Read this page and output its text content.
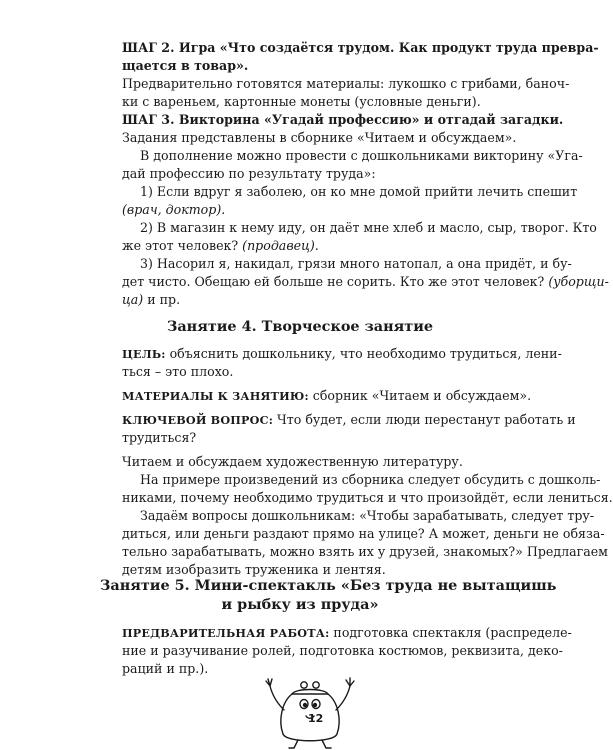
ШАГ 2. Игра «Что создаётся трудом. Как продукт труда превра-
щается в товар».
Предварительно готовятся материалы: лукошко с грибами, баноч-
ки с вареньем, картонные монеты (условные деньги).
ШАГ 3. Викторина «Угадай профессию» и отгадай загадки.
Задания представлены в сборнике «Читаем и обсуждаем».
В дополнение можно провести с дошкольниками викторину «Уга-
дай профессию по результату труда»:
1) Если вдруг я заболею, он ко мне домой прийти лечить спешит
(врач, доктор).
2) В магазин к нему иду, он даёт мне хлеб и масло, сыр, творог. Кто
же этот человек? (продавец).
3) Насорил я, накидал, грязи много натопал, а она придёт, и бу-
дет чисто. Обещаю ей больше не сорить. Кто же этот человек? (уборщи-
ца) и пр.
Занятие 4. Творческое занятие
ЦЕЛЬ: объяснить дошкольнику, что необходимо трудиться, лени-
ться – это плохо.
МАТЕРИАЛЫ К ЗАНЯТИЮ: сборник «Читаем и обсуждаем».
КЛЮЧЕВОЙ ВОПРОС: Что будет, если люди перестанут работать и
трудиться?
Читаем и обсуждаем художественную литературу.
На примере произведений из сборника следует обсудить с дошколь-
никами, почему необходимо трудиться и что произойдёт, если лениться.
Задаём вопросы дошкольникам: «Чтобы зарабатывать, следует тру-
диться, или деньги раздают прямо на улице? А может, деньги не обяза-
тельно зарабатывать, можно взять их у друзей, знакомых?» Предлагаем
детям изобразить труженика и лентяя.
Занятие 5. Мини-спектакль «Без труда не вытащишь
и рыбку из пруда»
ПРЕДВАРИТЕЛЬНАЯ РАБОТА: подготовка спектакля (распределе-
ние и разучивание ролей, подготовка костюмов, реквизита, деко-
раций и пр.).
12
